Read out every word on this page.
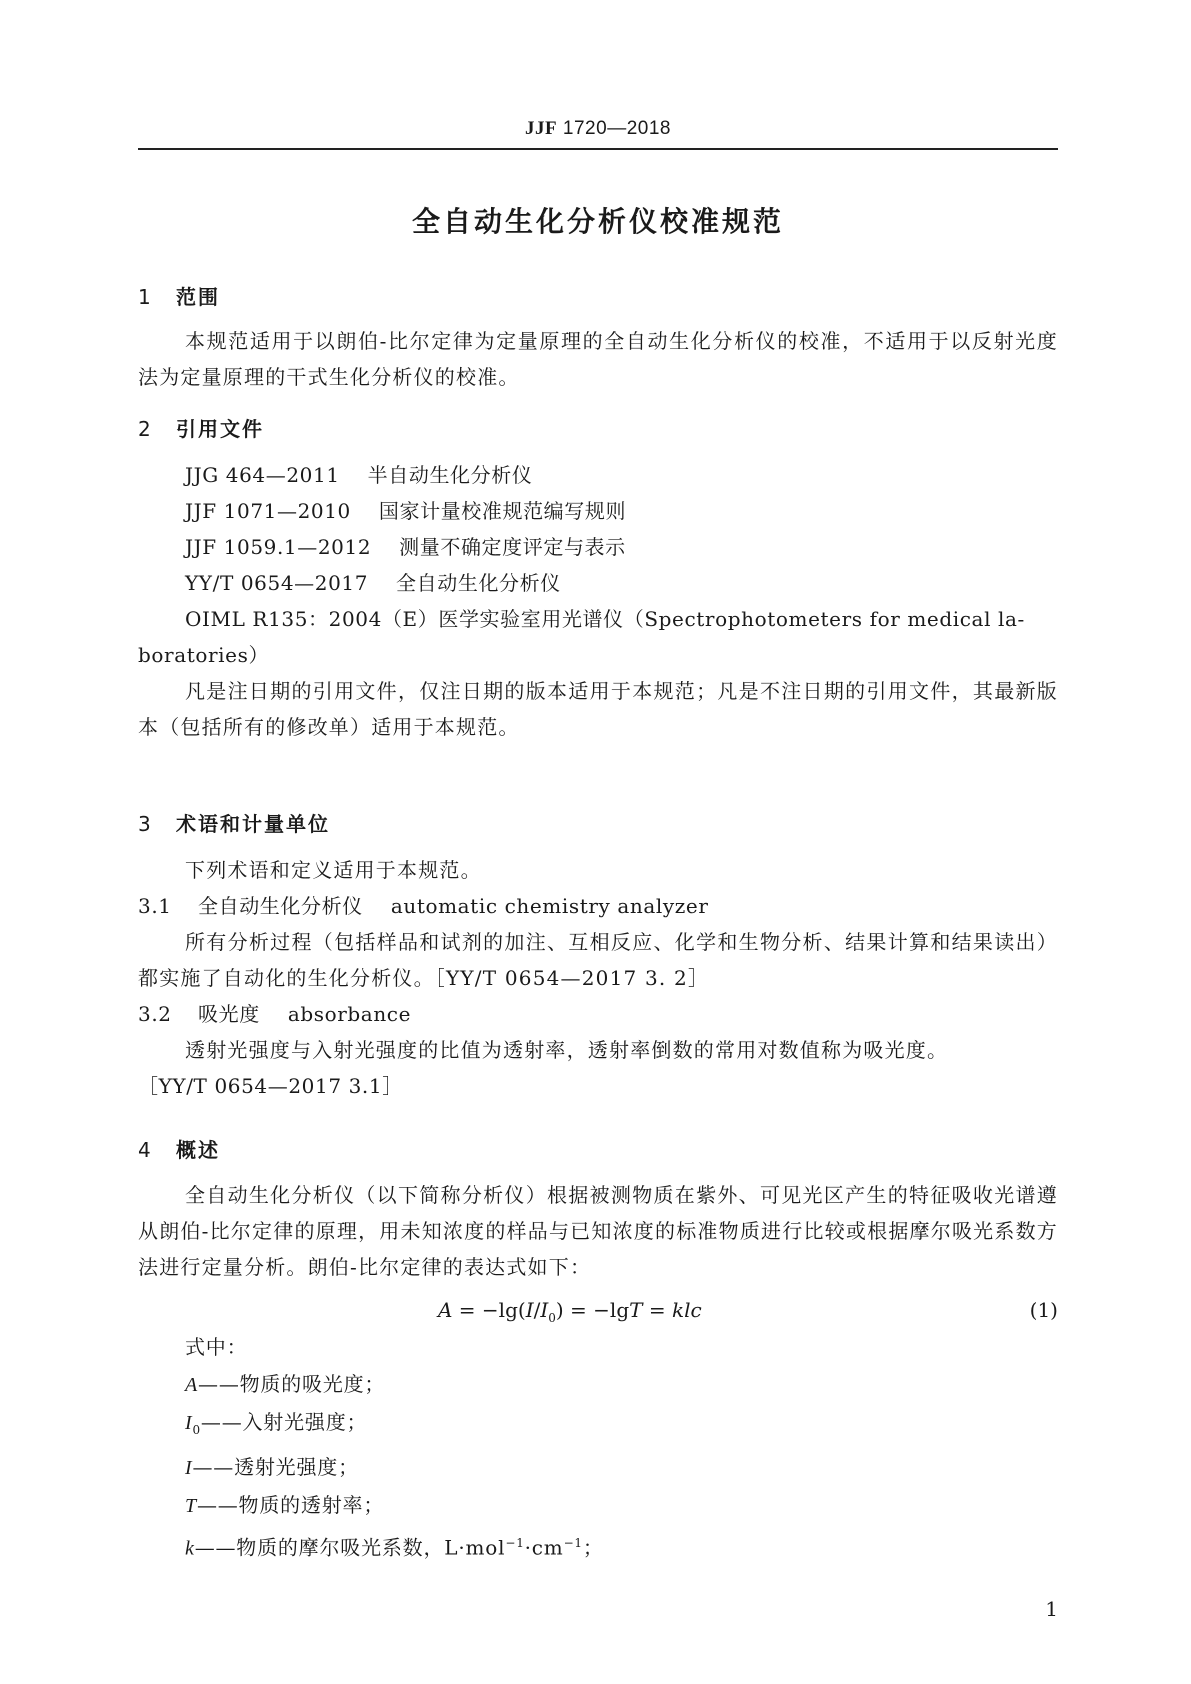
JJF 1720—2018
全自动生化分析仪校准规范
1 范围
本规范适用于以朗伯-比尔定律为定量原理的全自动生化分析仪的校准，不适用于以反射光度法为定量原理的干式生化分析仪的校准。
2 引用文件
JJG 464—2011 半自动生化分析仪
JJF 1071—2010 国家计量校准规范编写规则
JJF 1059.1—2012 测量不确定度评定与表示
YY/T 0654—2017 全自动生化分析仪
OIML R135：2004（E）医学实验室用光谱仪（Spectrophotometers for medical la-
boratories）
凡是注日期的引用文件，仅注日期的版本适用于本规范；凡是不注日期的引用文件，其最新版本（包括所有的修改单）适用于本规范。
3 术语和计量单位
下列术语和定义适用于本规范。
3.1 全自动生化分析仪 automatic chemistry analyzer
所有分析过程（包括样品和试剂的加注、互相反应、化学和生物分析、结果计算和结果读出）都实施了自动化的生化分析仪。［YY/T 0654—2017 3. 2］
3.2 吸光度 absorbance
透射光强度与入射光强度的比值为透射率，透射率倒数的常用对数值称为吸光度。
［YY/T 0654—2017 3.1］
4 概述
全自动生化分析仪（以下简称分析仪）根据被测物质在紫外、可见光区产生的特征吸收光谱遵从朗伯-比尔定律的原理，用未知浓度的样品与已知浓度的标准物质进行比较或根据摩尔吸光系数方法进行定量分析。朗伯-比尔定律的表达式如下：
$A = -\lg(I/I_0) = -\lg T$ = klc	(1)
式中：
A——物质的吸光度；
$I_0——$入射光强度；
I——透射光强度；
T——物质的透射率；
k——物质的摩尔吸光系数，$L\cdot mol^{-1}\cdot cm^{-1}$；
1
